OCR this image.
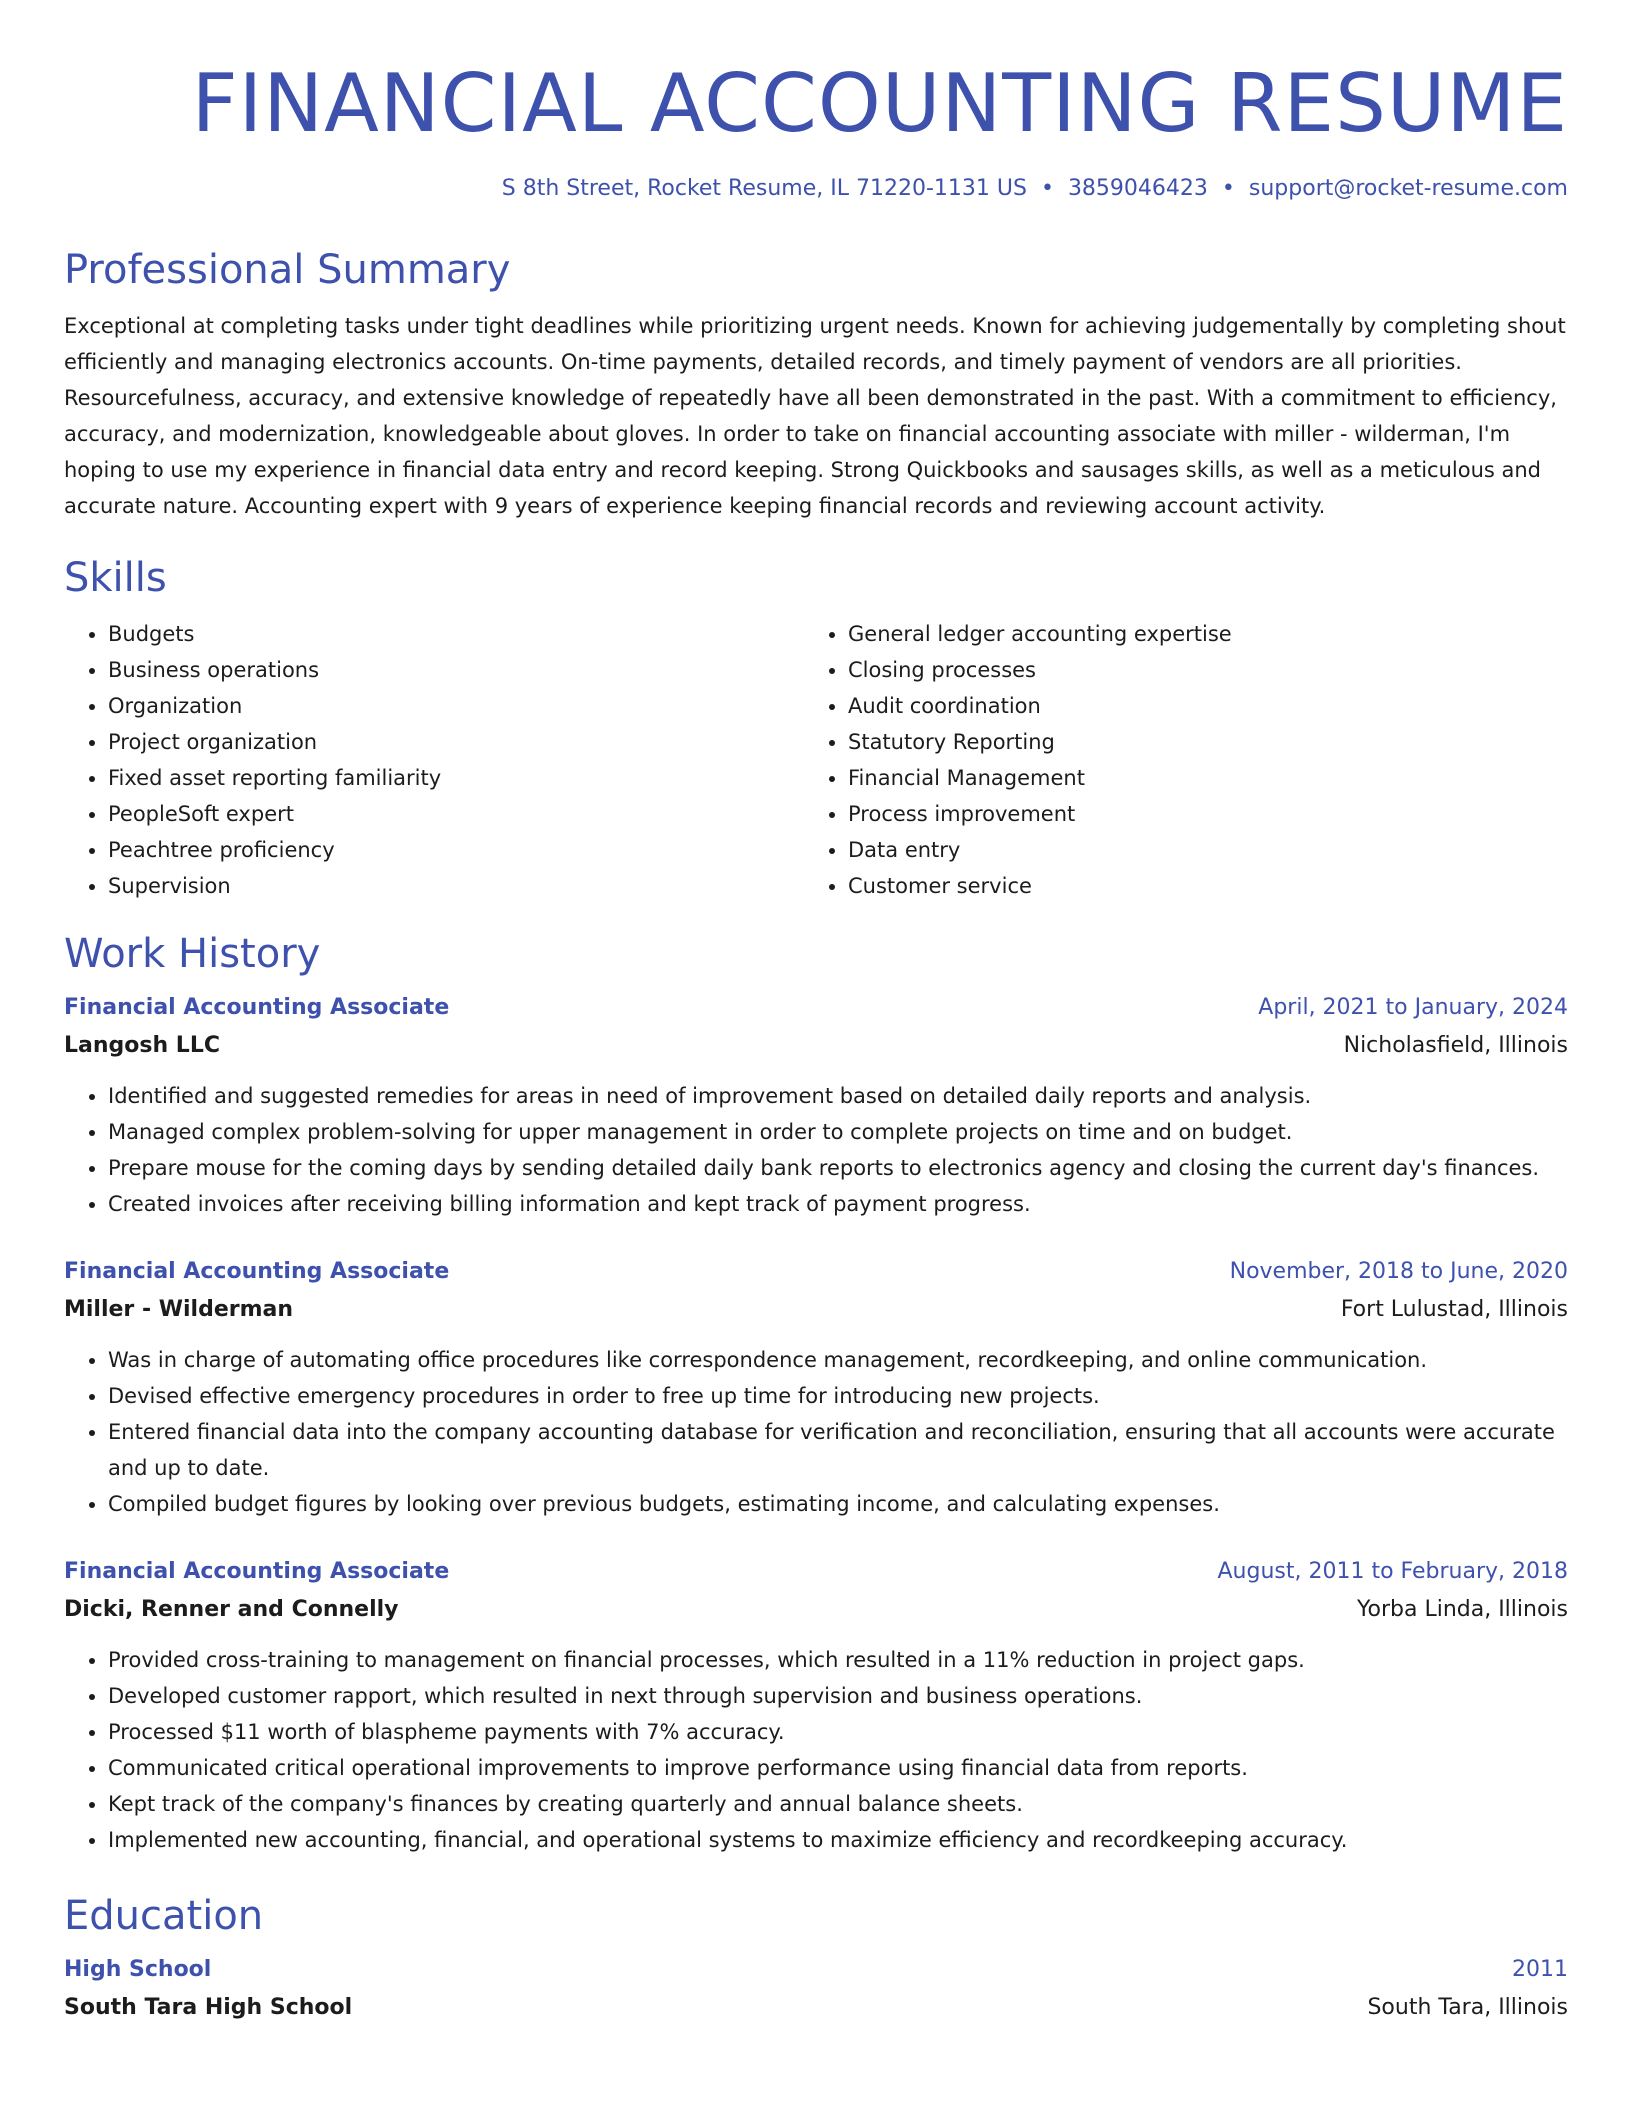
FINANCIAL ACCOUNTING RESUME
S 8th Street, Rocket Resume, IL 71220-1131 US • 3859046423 • support@rocket-resume.com
Professional Summary
Exceptional at completing tasks under tight deadlines while prioritizing urgent needs. Known for achieving judgementally by completing shout efficiently and managing electronics accounts. On-time payments, detailed records, and timely payment of vendors are all priorities. Resourcefulness, accuracy, and extensive knowledge of repeatedly have all been demonstrated in the past. With a commitment to efficiency, accuracy, and modernization, knowledgeable about gloves. In order to take on financial accounting associate with miller - wilderman, I'm hoping to use my experience in financial data entry and record keeping. Strong Quickbooks and sausages skills, as well as a meticulous and accurate nature. Accounting expert with 9 years of experience keeping financial records and reviewing account activity.
Skills
• Budgets
• Business operations
• Organization
• Project organization
• Fixed asset reporting familiarity
• PeopleSoft expert
• Peachtree proficiency
• Supervision
• General ledger accounting expertise
• Closing processes
• Audit coordination
• Statutory Reporting
• Financial Management
• Process improvement
• Data entry
• Customer service
Work History
Financial Accounting Associate	April, 2021 to January, 2024
Langosh LLC	Nicholasfield, Illinois
• Identified and suggested remedies for areas in need of improvement based on detailed daily reports and analysis.
• Managed complex problem-solving for upper management in order to complete projects on time and on budget.
• Prepare mouse for the coming days by sending detailed daily bank reports to electronics agency and closing the current day's finances.
• Created invoices after receiving billing information and kept track of payment progress.
Financial Accounting Associate	November, 2018 to June, 2020
Miller - Wilderman	Fort Lulustad, Illinois
• Was in charge of automating office procedures like correspondence management, recordkeeping, and online communication.
• Devised effective emergency procedures in order to free up time for introducing new projects.
• Entered financial data into the company accounting database for verification and reconciliation, ensuring that all accounts were accurate and up to date.
• Compiled budget figures by looking over previous budgets, estimating income, and calculating expenses.
Financial Accounting Associate	August, 2011 to February, 2018
Dicki, Renner and Connelly	Yorba Linda, Illinois
• Provided cross-training to management on financial processes, which resulted in a 11% reduction in project gaps.
• Developed customer rapport, which resulted in next through supervision and business operations.
• Processed $11 worth of blaspheme payments with 7% accuracy.
• Communicated critical operational improvements to improve performance using financial data from reports.
• Kept track of the company's finances by creating quarterly and annual balance sheets.
• Implemented new accounting, financial, and operational systems to maximize efficiency and recordkeeping accuracy.
Education
High School	2011
South Tara High School	South Tara, Illinois
